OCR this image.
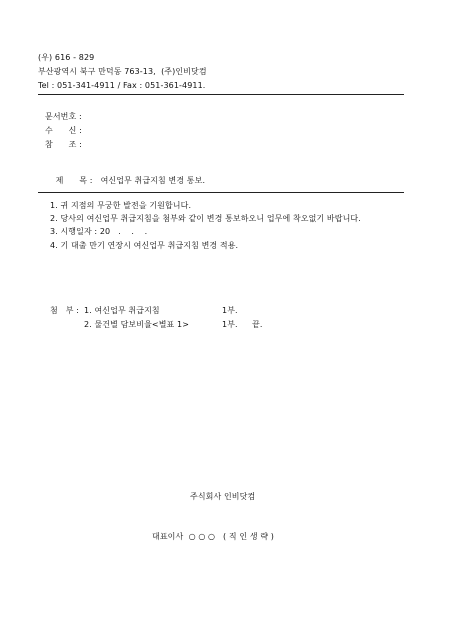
(우) 616 - 829
부산광역시 북구 만덕동 763-13,  (주)인비닷컴
Tel : 051-341-4911 / Fax : 051-361-4911.
문서번호 :
수      신 :
참      조 :

제      목 : 여신업무 취급지침 변경 통보.

1. 귀 지점의 무궁한 발전을 기원합니다.
2. 당사의 여신업무 취급지침을 첨부와 같이 변경 통보하오니 업무에 착오없기 바랍니다.
3. 시행일자 : 20   .    .    .
4. 기 대출 만기 연장시 여신업무 취급지침 변경 적용.
첨   부 : 1. 여신업무 취급지침	1부.
2. 물건별 담보비율<별표 1>	1부. 끝.
주식회사 인비닷컴
대표이사  ○ ○ ○   ( 직 인 생 략 )
